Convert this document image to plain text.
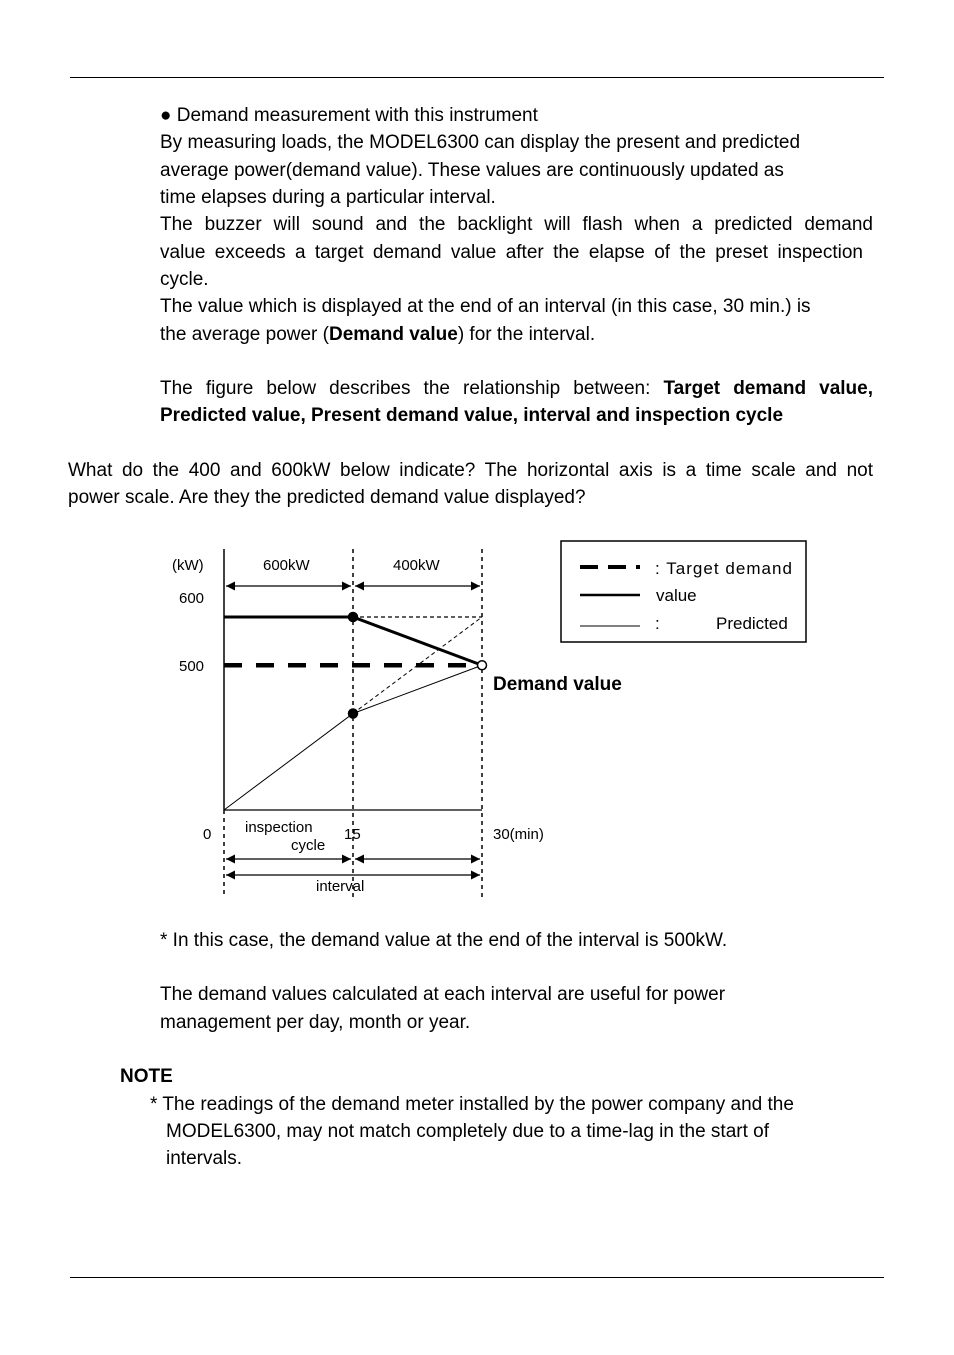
● Demand measurement with this instrument
By measuring loads, the MODEL6300 can display the present and predicted
average power(demand value). These values are continuously updated as
time elapses during a particular interval.
The buzzer will sound and the backlight will flash when a predicted demand
value exceeds a target demand value after the elapse of the preset inspection
cycle.
The value which is displayed at the end of an interval (in this case, 30 min.) is
the average power (Demand value) for the interval.
The figure below describes the relationship between: Target demand value,
Predicted value, Present demand value, interval and inspection cycle
What do the 400 and 600kW below indicate? The horizontal axis is a time scale and not
power scale. Are they the predicted demand value displayed?
(kW)
600
500
0	15	30(min)
600kW	400kW
inspection
cycle
interval
Demand value
: Target demand
value
:	Predicted
* In this case, the demand value at the end of the interval is 500kW.
The demand values calculated at each interval are useful for power
management per day, month or year.
NOTE
* The readings of the demand meter installed by the power company and the
MODEL6300, may not match completely due to a time-lag in the start of
intervals.
